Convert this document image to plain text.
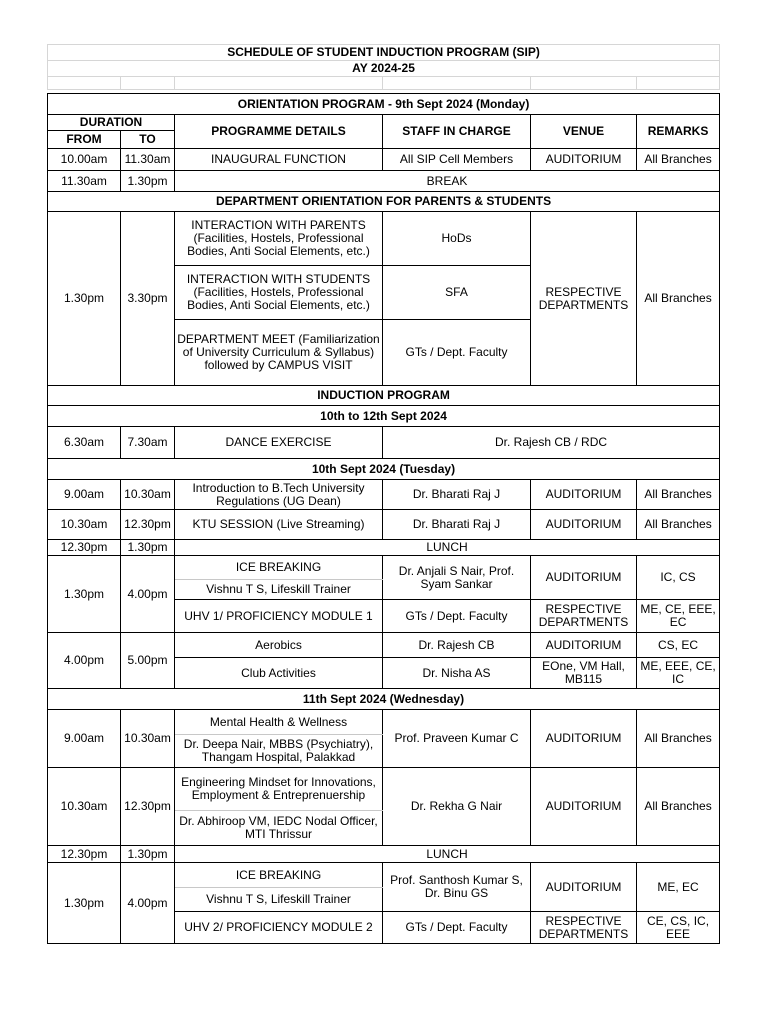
SCHEDULE OF STUDENT INDUCTION PROGRAM (SIP)
AY 2024-25

ORIENTATION PROGRAM - 9th Sept 2024 (Monday)					
DURATION		PROGRAMME DETAILS	STAFF IN CHARGE	VENUE	REMARKS
FROM	TO				
10.00am	11.30am	INAUGURAL FUNCTION	All SIP Cell Members	AUDITORIUM	All Branches
11.30am	1.30pm	BREAK			
DEPARTMENT ORIENTATION FOR PARENTS & STUDENTS					
1.30pm	3.30pm	INTERACTION WITH PARENTS (Facilities, Hostels, Professional Bodies, Anti Social Elements, etc.)	HoDs	RESPECTIVE DEPARTMENTS	All Branches
		INTERACTION WITH STUDENTS (Facilities, Hostels, Professional Bodies, Anti Social Elements, etc.)	SFA		
		DEPARTMENT MEET (Familiarization of University Curriculum & Syllabus) followed by CAMPUS VISIT	GTs / Dept. Faculty		
INDUCTION PROGRAM					
10th to 12th Sept 2024					
6.30am	7.30am	DANCE EXERCISE	Dr. Rajesh CB / RDC		
10th Sept 2024 (Tuesday)					
9.00am	10.30am	Introduction to B.Tech University Regulations (UG Dean)	Dr. Bharati Raj J	AUDITORIUM	All Branches
10.30am	12.30pm	KTU SESSION (Live Streaming)	Dr. Bharati Raj J	AUDITORIUM	All Branches
12.30pm	1.30pm	LUNCH			
1.30pm	4.00pm	ICE BREAKING	Dr. Anjali S Nair, Prof. Syam Sankar	AUDITORIUM	IC, CS
		Vishnu T S, Lifeskill Trainer			
		UHV 1/ PROFICIENCY MODULE 1	GTs / Dept. Faculty	RESPECTIVE DEPARTMENTS	ME, CE, EEE, EC
4.00pm	5.00pm	Aerobics	Dr. Rajesh CB	AUDITORIUM	CS, EC
		Club Activities	Dr. Nisha AS	EOne, VM Hall, MB115	ME, EEE, CE, IC
11th Sept 2024 (Wednesday)					
9.00am	10.30am	Mental Health & Wellness	Prof. Praveen Kumar C	AUDITORIUM	All Branches
		Dr. Deepa Nair, MBBS (Psychiatry), Thangam Hospital, Palakkad			
10.30am	12.30pm	Engineering Mindset for Innovations, Employment & Entreprenuership	Dr. Rekha G Nair	AUDITORIUM	All Branches
		Dr. Abhiroop VM, IEDC Nodal Officer, MTI Thrissur			
12.30pm	1.30pm	LUNCH			
1.30pm	4.00pm	ICE BREAKING	Prof. Santhosh Kumar S, Dr. Binu GS	AUDITORIUM	ME, EC
		Vishnu T S, Lifeskill Trainer			
		UHV 2/ PROFICIENCY MODULE 2	GTs / Dept. Faculty	RESPECTIVE DEPARTMENTS	CE, CS, IC, EEE
